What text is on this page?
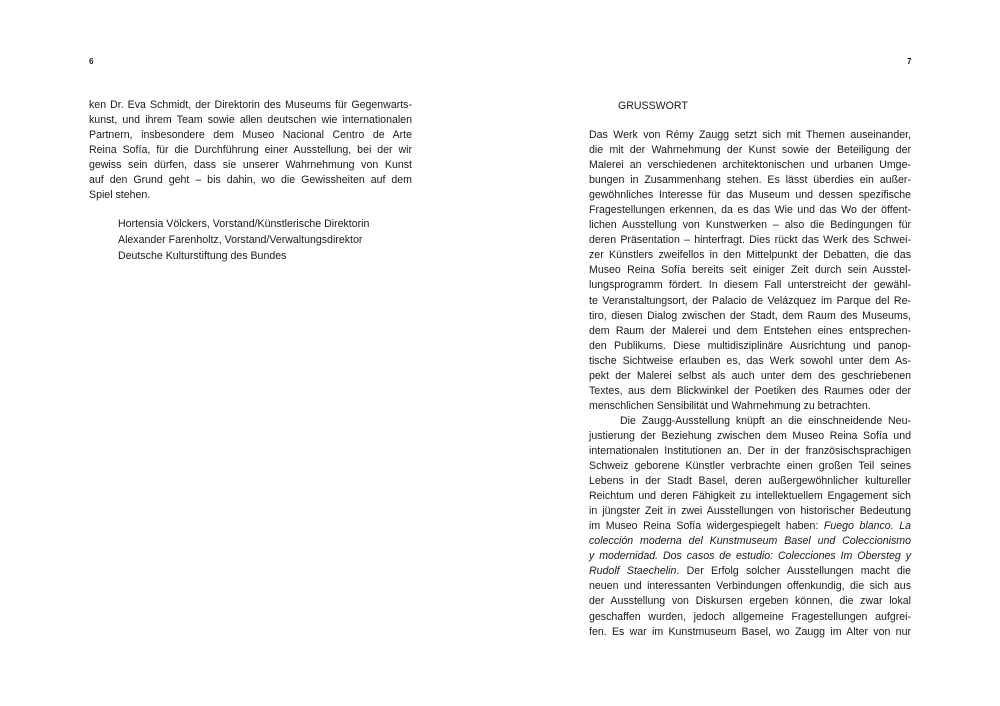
6
ken Dr. Eva Schmidt, der Direktorin des Museums für Gegenwarts-
kunst, und ihrem Team sowie allen deutschen wie internationalen
Partnern, insbesondere dem Museo Nacional Centro de Arte
Reina Sofía, für die Durchführung einer Ausstellung, bei der wir
gewiss sein dürfen, dass sie unserer Wahrnehmung von Kunst
auf den Grund geht – bis dahin, wo die Gewissheiten auf dem
Spiel stehen.
Hortensia Völckers, Vorstand/Künstlerische Direktorin
Alexander Farenholtz, Vorstand/Verwaltungsdirektor
Deutsche Kulturstiftung des Bundes
7
GRUSSWORT
Das Werk von Rémy Zaugg setzt sich mit Themen auseinander,
die mit der Wahrnehmung der Kunst sowie der Beteiligung der
Malerei an verschiedenen architektonischen und urbanen Umge-
bungen in Zusammenhang stehen. Es lässt überdies ein außer-
gewöhnliches Interesse für das Museum und dessen spezifische
Fragestellungen erkennen, da es das Wie und das Wo der öffent-
lichen Ausstellung von Kunstwerken – also die Bedingungen für
deren Präsentation – hinterfragt. Dies rückt das Werk des Schwei-
zer Künstlers zweifellos in den Mittelpunkt der Debatten, die das
Museo Reina Sofía bereits seit einiger Zeit durch sein Ausstel-
lungsprogramm fördert. In diesem Fall unterstreicht der gewähl-
te Veranstaltungsort, der Palacio de Velázquez im Parque del Re-
tiro, diesen Dialog zwischen der Stadt, dem Raum des Museums,
dem Raum der Malerei und dem Entstehen eines entsprechen-
den Publikums. Diese multidisziplinäre Ausrichtung und panop-
tische Sichtweise erlauben es, das Werk sowohl unter dem As-
pekt der Malerei selbst als auch unter dem des geschriebenen
Textes, aus dem Blickwinkel der Poetiken des Raumes oder der
menschlichen Sensibilität und Wahrnehmung zu betrachten.
Die Zaugg-Ausstellung knüpft an die einschneidende Neu-
justierung der Beziehung zwischen dem Museo Reina Sofía und
internationalen Institutionen an. Der in der französischsprachigen
Schweiz geborene Künstler verbrachte einen großen Teil seines
Lebens in der Stadt Basel, deren außergewöhnlicher kultureller
Reichtum und deren Fähigkeit zu intellektuellem Engagement sich
in jüngster Zeit in zwei Ausstellungen von historischer Bedeutung
im Museo Reina Sofía widergespiegelt haben: Fuego blanco. La
colección moderna del Kunstmuseum Basel und Coleccionismo
y modernidad. Dos casos de estudio: Colecciones Im Obersteg y
Rudolf Staechelin. Der Erfolg solcher Ausstellungen macht die
neuen und interessanten Verbindungen offenkundig, die sich aus
der Ausstellung von Diskursen ergeben können, die zwar lokal
geschaffen wurden, jedoch allgemeine Fragestellungen aufgrei-
fen. Es war im Kunstmuseum Basel, wo Zaugg im Alter von nur
